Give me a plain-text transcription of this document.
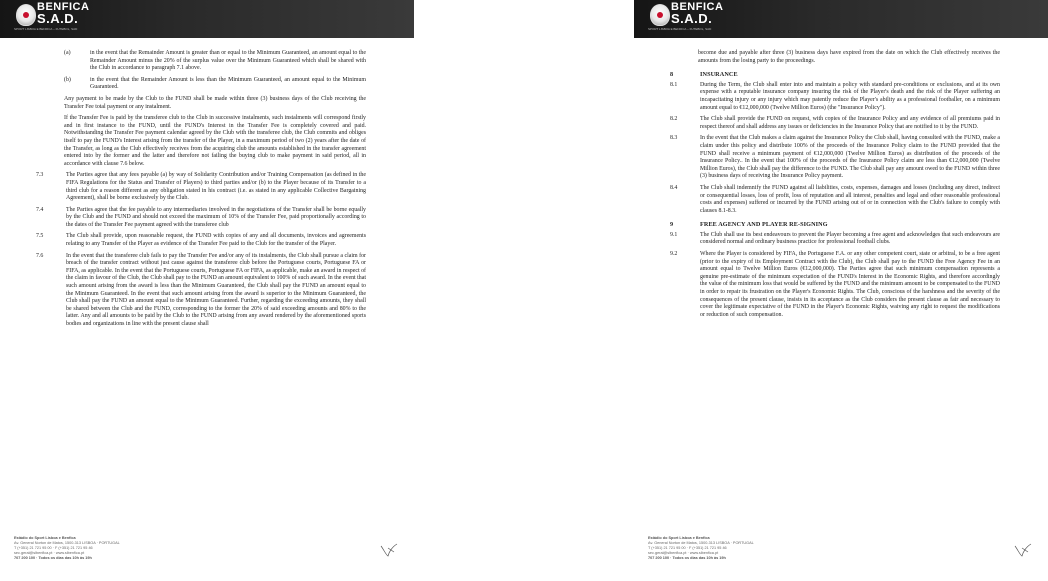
BENFICA
S.A.D.
SPORT LISBOA E BENFICA – FUTEBOL, SAD
(a)	in the event that the Remainder Amount is greater than or equal to the Minimum Guaranteed, an amount equal to the Remainder Amount minus the 20% of the surplus value over the Minimum Guaranteed which shall be shared with the Club in accordance to paragraph 7.1 above.
(b)	in the event that the Remainder Amount is less than the Minimum Guaranteed, an amount equal to the Minimum Guaranteed.
Any payment to be made by the Club to the FUND shall be made within three (3) business days of the Club receiving the Transfer Fee total payment or any instalment.
If the Transfer Fee is paid by the transferee club to the Club in successive instalments, such instalments will correspond firstly and in first instance to the FUND, until the FUND's Interest in the Transfer Fee is completely covered and paid. Notwithstanding the Transfer Fee payment calendar agreed by the Club with the transferee club, the Club commits and obliges itself to pay the FUND's Interest arising from the transfer of the Player, in a maximum period of two (2) years after the date of the Transfer, as long as the Club effectively receives from the acquiring club the amounts established in the transfer agreement entered into by the former and the latter and therefore not failing the buying club to make payment in said period, all in accordance with clause 7.6 below.
7.3	The Parties agree that any fees payable (a) by way of Solidarity Contribution and/or Training Compensation (as defined in the FIFA Regulations for the Status and Transfer of Players) to third parties and/or (b) to the Player because of its Transfer to a third club for a reason different as any obligation stated in his contract (i.e. as stated in any applicable Collective Bargaining Agreement), shall be borne exclusively by the Club.
7.4	The Parties agree that the fee payable to any intermediaries involved in the negotiations of the Transfer shall be borne equally by the Club and the FUND and should not exceed the maximum of 10% of the Transfer Fee, paid proportionally according to the dates of the Transfer Fee payment agreed with the transferee club
7.5	The Club shall provide, upon reasonable request, the FUND with copies of any and all documents, invoices and agreements relating to any Transfer of the Player as evidence of the Transfer Fee paid to the Club for the transfer of the Player.
7.6	In the event that the transferee club fails to pay the Transfer Fee and/or any of its instalments, the Club shall pursue a claim for breach of the transfer contract without just cause against the transferee club before the Portuguese courts, Portuguese FA or FIFA, as applicable. In the event that the Portuguese courts, Portuguese FA or FIFA, as applicable, make an award in respect of the claim in favour of the Club, the Club shall pay to the FUND an amount equivalent to 100% of such award. In the event that such amount arising from the award is less than the Minimum Guaranteed, the Club shall pay the FUND an amount equal to the Minimum Guaranteed. In the event that such amount arising from the award is superior to the Minimum Guaranteed, the Club shall pay the FUND an amount equal to the Minimum Guaranteed. Further, regarding the exceeding amounts, they shall be shared between the Club and the FUND, corresponding to the former the 20% of said exceeding amounts and 80% to the latter. Any and all amounts to be paid by the Club to the FUND arising from any award rendered by the aforementioned sports bodies and organizations in line with the present clause shall
Estádio do Sport Lisboa e Benfica
Av. General Norton de Matos, 1500-313 LISBOA · PORTUGAL
T (+351) 21 721 95 00 · F (+351) 21 721 95 46
sec.geral@slbenfica.pt · www.slbenfica.pt
707 200 100 · Todos os dias das 10h às 19h
BENFICA
S.A.D.
SPORT LISBOA E BENFICA – FUTEBOL, SAD
become due and payable after three (3) business days have expired from the date on which the Club effectively receives the amounts from the losing party to the proceedings.
8	INSURANCE
8.1	During the Term, the Club shall enter into and maintain a policy with standard pre-conditions or exclusions, and at its own expense with a reputable insurance company insuring the risk of the Player's death and the risk of the Player suffering an incapacitating injury or any injury which may patently reduce the Player's ability as a professional footballer, on a minimum amount equal to €12,000,000 (Twelve Million Euros) (the "Insurance Policy").
8.2	The Club shall provide the FUND on request, with copies of the Insurance Policy and any evidence of all premiums paid in respect thereof and shall address any issues or deficiencies in the Insurance Policy that are notified to it by the FUND.
8.3	In the event that the Club makes a claim against the Insurance Policy the Club shall, having consulted with the FUND, make a claim under this policy and distribute 100% of the proceeds of the Insurance Policy claim to the FUND provided that the FUND shall receive a minimum payment of €12,000,000 (Twelve Million Euros) as distribution of the proceeds of the Insurance Policy.. In the event that 100% of the proceeds of the Insurance Policy claim are less than €12,000,000 (Twelve Million Euros), the Club shall pay the difference to the FUND. The Club shall pay any amount owed to the FUND within three (3) business days of receiving the Insurance Policy payment.
8.4	The Club shall indemnify the FUND against all liabilities, costs, expenses, damages and losses (including any direct, indirect or consequential losses, loss of profit, loss of reputation and all interest, penalties and legal and other reasonable professional costs and expenses) suffered or incurred by the FUND arising out of or in connection with the Club's failure to comply with clauses 8.1-8.3.
9	FREE AGENCY AND PLAYER RE-SIGNING
9.1	The Club shall use its best endeavours to prevent the Player becoming a free agent and acknowledges that such endeavours are considered normal and ordinary business practice for professional football clubs.
9.2	Where the Player is considered by FIFA, the Portuguese F.A. or any other competent court, state or arbitral, to be a free agent (prior to the expiry of its Employment Contract with the Club), the Club shall pay to the FUND the Free Agency Fee in an amount equal to Twelve Million Euros (€12,000,000). The Parties agree that such minimum compensation represents a genuine pre-estimate of the minimum expectation of the FUND's Interest in the Economic Rights, and therefore accordingly the value of the minimum loss that would be suffered by the FUND and the minimum amount to be compensated to the FUND in order to repair its frustration on the Player's Economic Rights. The Club, conscious of the harshness and the severity of the consequences of the present clause, insists in its acceptance as the Club considers the present clause as fair and necessary to cover the legitimate expectative of the FUND in the Player's Economic Rights, waiving any right to request the modifications or reduction of such compensation.
Estádio do Sport Lisboa e Benfica
Av. General Norton de Matos, 1500-313 LISBOA · PORTUGAL
T (+351) 21 721 95 00 · F (+351) 21 721 95 46
sec.geral@slbenfica.pt · www.slbenfica.pt
707 200 100 · Todos os dias das 10h às 19h
